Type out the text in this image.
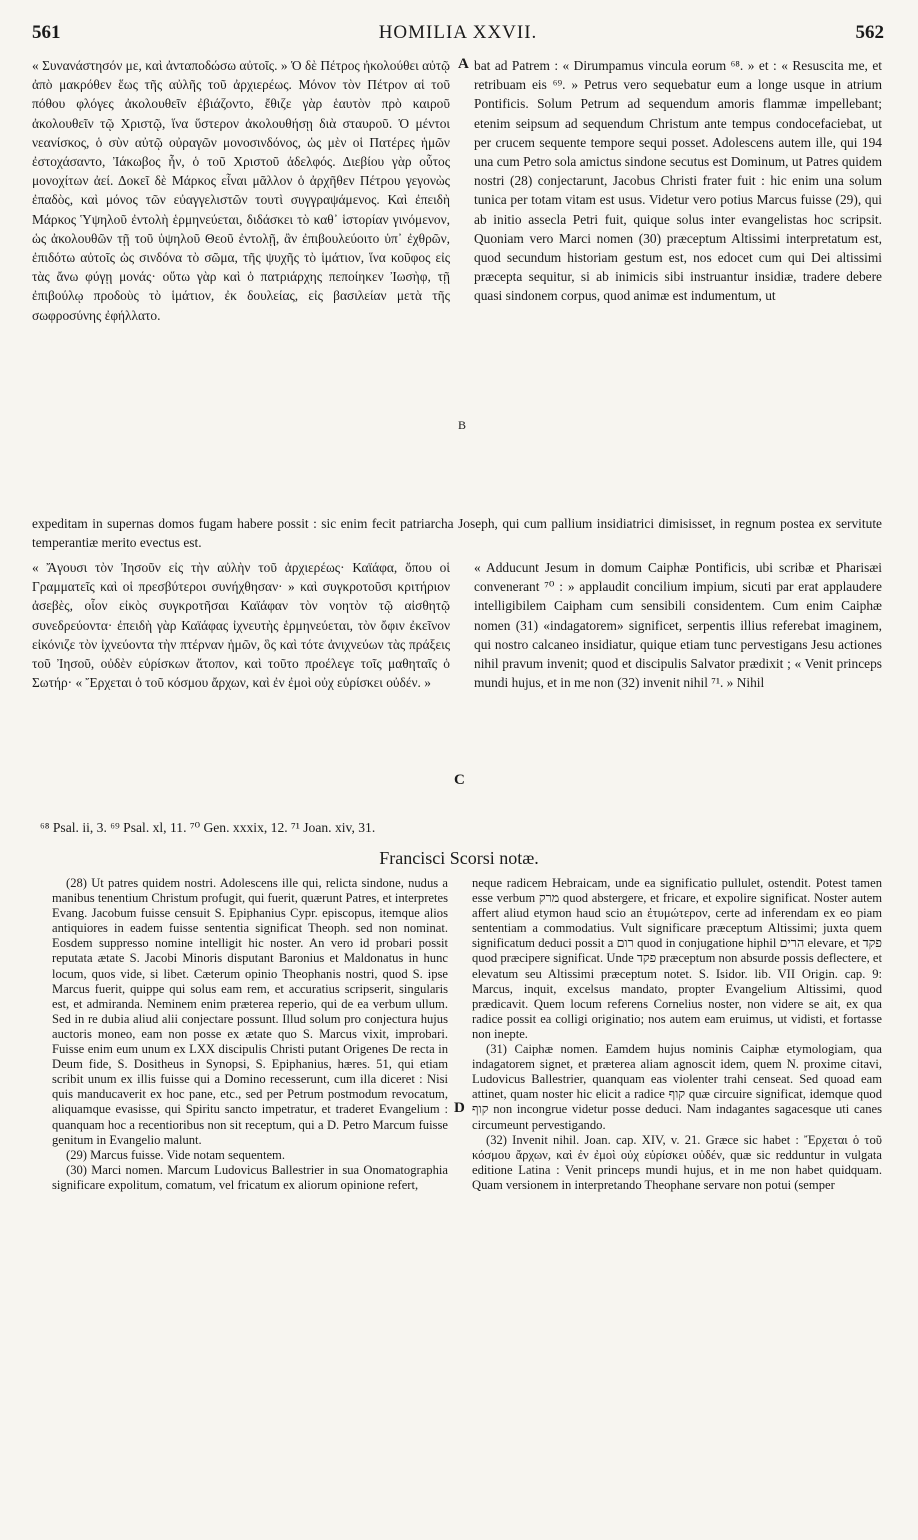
561	HOMILIA XXVII.	562

« Συνανάστησόν με, καὶ ἀνταποδώσω αὐτοῖς. » Ὁ δὲ Πέτρος ἠκολούθει αὐτῷ ἀπὸ μακρόθεν ἕως τῆς αὐλῆς τοῦ ἀρχιερέως. Μόνον τὸν Πέτρον αἱ τοῦ πόθου φλόγες ἀκολουθεῖν ἐβιάζοντο, ἔθιζε γὰρ ἑαυτὸν πρὸ καιροῦ ἀκολουθεῖν τῷ Χριστῷ, ἵνα ὕστερον ἀκολουθήσῃ διὰ σταυροῦ. Ὁ μέντοι νεανίσκος, ὁ σὺν αὐτῷ οὐραγῶν μονοσινδόνος, ὡς μὲν οἱ Πατέρες ἡμῶν ἐστοχάσαντο, Ἰάκωβος ἦν, ὁ τοῦ Χριστοῦ ἀδελφός. Διεβίου γὰρ οὗτος μονοχίτων ἀεί. Δοκεῖ δὲ Μάρκος εἶναι μᾶλλον ὁ ἀρχῆθεν Πέτρου γεγονὼς ἐπαδὸς, καὶ μόνος τῶν εὐαγγελιστῶν τουτὶ συγγραψάμενος. Καὶ ἐπειδὴ Μάρκος Ὑψηλοῦ ἐντολὴ ἑρμηνεύεται, διδάσκει τὸ καθ᾽ ἱστορίαν γινόμενον, ὡς ἀκολουθῶν τῇ τοῦ ὑψηλοῦ Θεοῦ ἐντολῇ, ἂν ἐπιβουλεύοιτο ὑπ᾽ ἐχθρῶν, ἐπιδότω αὐτοῖς ὡς σινδόνα τὸ σῶμα, τῆς ψυχῆς τὸ ἱμάτιον, ἵνα κοῦφος εἰς τὰς ἄνω φύγῃ μονάς· οὕτω γὰρ καὶ ὁ πατριάρχης πεποίηκεν Ἰωσὴφ, τῇ ἐπιβούλῳ προδοὺς τὸ ἱμάτιον, ἐκ δουλείας, εἰς βασιλείαν μετὰ τῆς σωφροσύνης ἐφήλλατο.

bat ad Patrem : « Dirumpamus vincula eorum ⁶⁸. » et : « Resuscita me, et retribuam eis ⁶⁹. » Petrus vero sequebatur eum a longe usque in atrium Pontificis. Solum Petrum ad sequendum amoris flammæ impellebant; etenim seipsum ad sequendum Christum ante tempus condocefaciebat, ut per crucem sequente tempore sequi posset. Adolescens autem ille, qui 194 una cum Petro sola amictus sindone secutus est Dominum, ut Patres quidem nostri (28) conjectarunt, Jacobus Christi frater fuit : hic enim una solum tunica per totam vitam est usus. Videtur vero potius Marcus fuisse (29), qui ab initio assecla Petri fuit, quique solus inter evangelistas hoc scripsit. Quoniam vero Marci nomen (30) præceptum Altissimi interpretatum est, quod secundum historiam gestum est, nos edocet cum qui Dei altissimi præcepta sequitur, si ab inimicis sibi instruantur insidiæ, tradere debere quasi sindonem corpus, quod animæ est indumentum, ut

A
B

expeditam in supernas domos fugam habere possit : sic enim fecit patriarcha Joseph, qui cum pallium insidiatrici dimisisset, in regnum postea ex servitute temperantiæ merito evectus est.

« Ἄγουσι τὸν Ἰησοῦν εἰς τὴν αὐλὴν τοῦ ἀρχιερέως· Καϊάφα, ὅπου οἱ Γραμματεῖς καὶ οἱ πρεσβύτεροι συνήχθησαν· » καὶ συγκροτοῦσι κριτήριον ἀσεβὲς, οἷον εἰκὸς συγκροτῆσαι Καϊάφαν τὸν νοητὸν τῷ αἰσθητῷ συνεδρεύοντα· ἐπειδὴ γὰρ Καϊάφας ἰχνευτὴς ἑρμηνεύεται, τὸν ὄφιν ἐκεῖνον εἰκόνιζε τὸν ἰχνεύοντα τὴν πτέρναν ἡμῶν, ὃς καὶ τότε ἀνιχνεύων τὰς πράξεις τοῦ Ἰησοῦ, οὐδὲν εὑρίσκων ἄτοπον, καὶ τοῦτο προέλεγε τοῖς μαθηταῖς ὁ Σωτήρ· « Ἔρχεται ὁ τοῦ κόσμου ἄρχων, καὶ ἐν ἐμοὶ οὐχ εὑρίσκει οὐδέν. »

« Adducunt Jesum in domum Caiphæ Pontificis, ubi scribæ et Pharisæi convenerant ⁷⁰ : » applaudit concilium impium, sicuti par erat applaudere intelligibilem Caipham cum sensibili considentem. Cum enim Caiphæ nomen (31) «indagatorem» significet, serpentis illius referebat imaginem, qui nostro calcaneo insidiatur, quique etiam tunc pervestigans Jesu actiones nihil pravum invenit; quod et discipulis Salvator prædixit ; « Venit princeps mundi hujus, et in me non (32) invenit nihil ⁷¹. » Nihil

C
⁶⁸ Psal. ii, 3. ⁶⁹ Psal. xl, 11. ⁷⁰ Gen. xxxix, 12. ⁷¹ Joan. xiv, 31.
Francisci Scorsi notæ.

(28) Ut patres quidem nostri. Adolescens ille qui, relicta sindone, nudus a manibus tenentium Christum profugit, qui fuerit, quærunt Patres, et interpretes Evang. Jacobum fuisse censuit S. Epiphanius Cypr. episcopus, itemque alios antiquiores in eadem fuisse sententia significat Theoph. sed non nominat. Eosdem suppresso nomine intelligit hic noster. An vero id probari possit reputata ætate S. Jacobi Minoris disputant Baronius et Maldonatus in hunc locum, quos vide, si libet. Cæterum opinio Theophanis nostri, quod S. ipse Marcus fuerit, quippe qui solus eam rem, et accuratius scripserit, singularis est, et admiranda. Neminem enim præterea reperio, qui de ea verbum ullum. Sed in re dubia aliud alii conjectare possunt. Illud solum pro conjectura hujus auctoris moneo, eam non posse ex ætate quo S. Marcus vixit, improbari. Fuisse enim eum unum ex LXX discipulis Christi putant Origenes De recta in Deum fide, S. Dositheus in Synopsi, S. Epiphanius, hæres. 51, qui etiam scribit unum ex illis fuisse qui a Domino recesserunt, cum illa diceret : Nisi quis manducaverit ex hoc pane, etc., sed per Petrum postmodum revocatum, aliquamque evasisse, qui Spiritu sancto impetratur, et traderet Evangelium : quanquam hoc a recentioribus non sit receptum, qui a D. Petro Marcum fuisse genitum in Evangelio malunt.

(29) Marcus fuisse. Vide notam sequentem.

(30) Marci nomen. Marcum Ludovicus Ballestrier in sua Onomatographia significare expolitum, comatum, vel fricatum ex aliorum opinione refert,

D

neque radicem Hebraicam, unde ea significatio pullulet, ostendit. Potest tamen esse verbum מרק quod abstergere, et fricare, et expolire significat. Noster autem affert aliud etymon haud scio an ἐτυμώτερον, certe ad inferendam ex eo piam sententiam a commodatius. Vult significare præceptum Altissimi; juxta quem significatum deduci possit a רום quod in conjugatione hiphil הרים elevare, et פקד quod præcipere significat. Unde פקד præceptum non absurde possis deflectere, et elevatum seu Altissimi præceptum notet. S. Isidor. lib. VII Origin. cap. 9: Marcus, inquit, excelsus mandato, propter Evangelium Altissimi, quod prædicavit. Quem locum referens Cornelius noster, non videre se ait, ex qua radice possit ea colligi originatio; nos autem eam eruimus, ut vidisti, et fortasse non inepte.

(31) Caiphæ nomen. Eamdem hujus nominis Caiphæ etymologiam, qua indagatorem signet, et præterea aliam agnoscit idem, quem N. proxime citavi, Ludovicus Ballestrier, quanquam eas violenter trahi censeat. Sed quoad eam attinet, quam noster hic elicit a radice קוף quæ circuire significat, idemque quod קוף non incongrue videtur posse deduci. Nam indagantes sagacesque uti canes circumeunt pervestigando.

(32) Invenit nihil. Joan. cap. XIV, v. 21. Græce sic habet : Ἔρχεται ὁ τοῦ κόσμου ἄρχων, καὶ ἐν ἐμοὶ οὐχ εὑρίσκει οὐδέν, quæ sic redduntur in vulgata editione Latina : Venit princeps mundi hujus, et in me non habet quidquam. Quam versionem in interpretando Theophane servare non potui (semper
